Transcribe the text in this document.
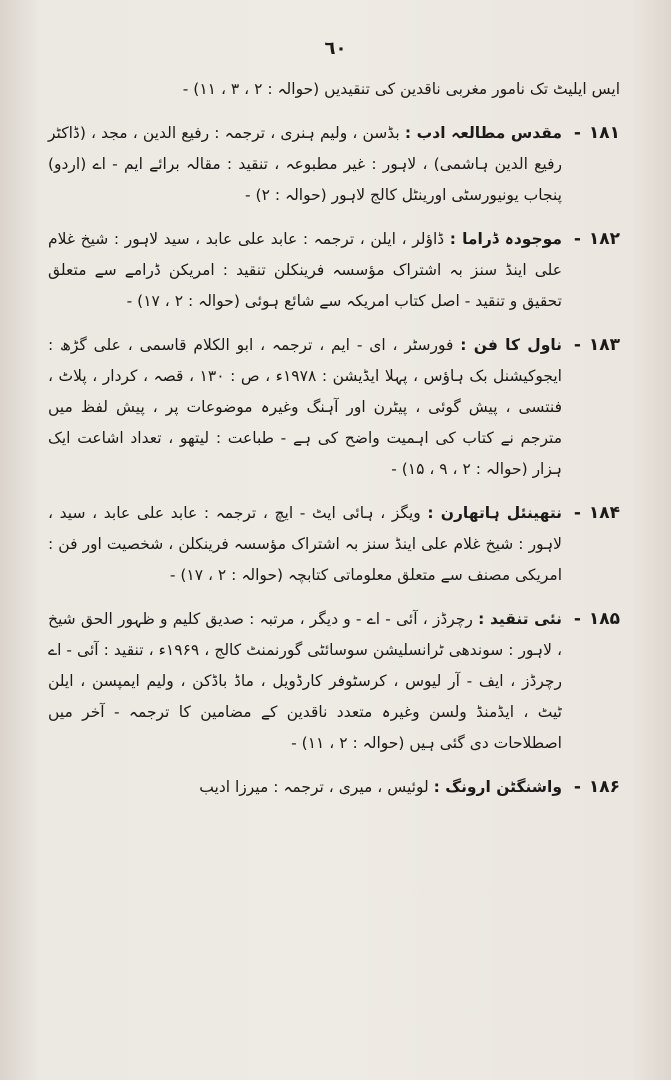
٦٠
ایس ایلیٹ تک نامور مغربی ناقدین کی تنقیدیں (حوالہ : ۲ ، ۳ ، ۱۱) -
۱۸۱ -
مقدس مطالعہ ادب : بڈسن ، ولیم ہنری ، ترجمہ : رفیع الدین ، مجد ، (ڈاکٹر رفیع الدین ہاشمی) ، لاہور : غیر مطبوعہ ، تنقید : مقالہ برائے ایم - اے (اردو) پنجاب یونیورسٹی اورینٹل کالج لاہور (حوالہ : ۲) -
۱۸۲ -
موجودہ ڈراما : ڈاؤلر ، ایلن ، ترجمہ : عابد علی عابد ، سید لاہور : شیخ غلام علی اینڈ سنز بہ اشتراک مؤسسہ فرینکلن تنقید : امریکن ڈرامے سے متعلق تحقیق و تنقید - اصل کتاب امریکہ سے شائع ہوئی (حوالہ : ۲ ، ۱۷) -
۱۸۳ -
ناول کا فن : فورسٹر ، ای - ایم ، ترجمہ ، ابو الکلام قاسمی ، علی گڑھ : ایجوکیشنل بک ہاؤس ، پہلا ایڈیشن : ۱۹۷۸ء ، ص : ۱۳۰ ، قصہ ، کردار ، پلاٹ ، فنتسی ، پیش گوئی ، پیٹرن اور آہنگ وغیرہ موضوعات پر ، پیش لفظ میں مترجم نے کتاب کی اہمیت واضح کی ہے - طباعت : لیتھو ، تعداد اشاعت ایک ہزار (حوالہ : ۲ ، ۹ ، ۱۵) -
۱۸۴ -
نتھینئل ہاتھارن : ویگز ، ہائی ایٹ - ایچ ، ترجمہ : عابد علی عابد ، سید ، لاہور : شیخ غلام علی اینڈ سنز بہ اشتراک مؤسسہ فرینکلن ، شخصیت اور فن : امریکی مصنف سے متعلق معلوماتی کتابچہ (حوالہ : ۲ ، ۱۷) -
۱۸۵ -
نئی تنقید : رچرڈز ، آئی - اے - و دیگر ، مرتبہ : صدیق کلیم و ظہور الحق شیخ ، لاہور : سوندھی ٹرانسلیشن سوسائٹی گورنمنٹ کالج ، ۱۹۶۹ء ، تنقید : آئی - اے رچرڈز ، ایف - آر لیوس ، کرسٹوفر کارڈویل ، ماڈ باڈکن ، ولیم ایمپسن ، ایلن ٹیٹ ، ایڈمنڈ ولسن وغیرہ متعدد ناقدین کے مضامین کا ترجمہ - آخر میں اصطلاحات دی گئی ہیں (حوالہ : ۲ ، ۱۱) -
۱۸۶ -
واشنگٹن ارونگ : لوئیس ، میری ، ترجمہ : میرزا ادیب
